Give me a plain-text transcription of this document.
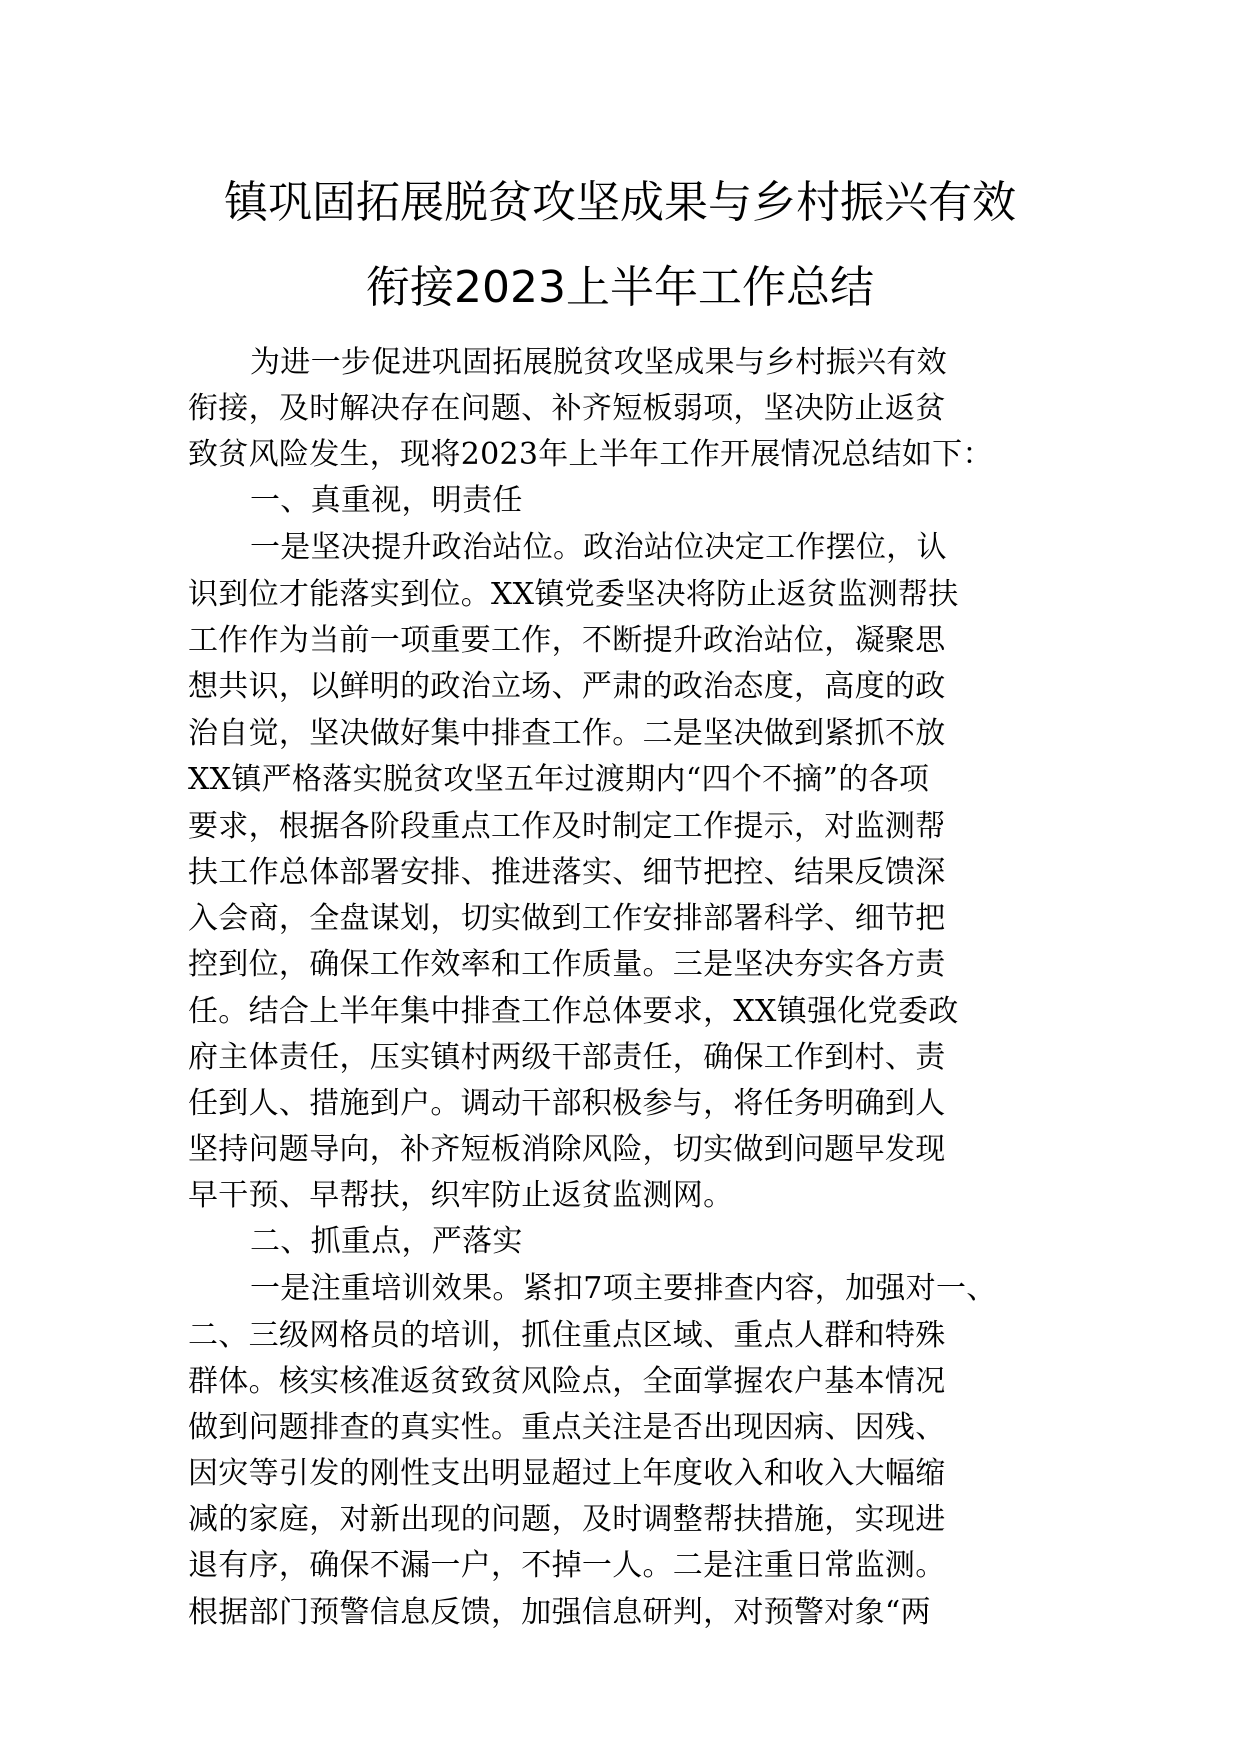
镇巩固拓展脱贫攻坚成果与乡村振兴有效
衔接2023上半年工作总结
为进一步促进巩固拓展脱贫攻坚成果与乡村振兴有效
衔接，及时解决存在问题、补齐短板弱项，坚决防止返贫
致贫风险发生，现将2023年上半年工作开展情况总结如下：
一、真重视，明责任
一是坚决提升政治站位。政治站位决定工作摆位，认
识到位才能落实到位。XX镇党委坚决将防止返贫监测帮扶
工作作为当前一项重要工作，不断提升政治站位，凝聚思
想共识，以鲜明的政治立场、严肃的政治态度，高度的政
治自觉，坚决做好集中排查工作。二是坚决做到紧抓不放
XX镇严格落实脱贫攻坚五年过渡期内“四个不摘”的各项
要求，根据各阶段重点工作及时制定工作提示，对监测帮
扶工作总体部署安排、推进落实、细节把控、结果反馈深
入会商，全盘谋划，切实做到工作安排部署科学、细节把
控到位，确保工作效率和工作质量。三是坚决夯实各方责
任。结合上半年集中排查工作总体要求，XX镇强化党委政
府主体责任，压实镇村两级干部责任，确保工作到村、责
任到人、措施到户。调动干部积极参与，将任务明确到人
坚持问题导向，补齐短板消除风险，切实做到问题早发现
早干预、早帮扶，织牢防止返贫监测网。
二、抓重点，严落实
一是注重培训效果。紧扣7项主要排查内容，加强对一、
二、三级网格员的培训，抓住重点区域、重点人群和特殊
群体。核实核准返贫致贫风险点，全面掌握农户基本情况
做到问题排查的真实性。重点关注是否出现因病、因残、
因灾等引发的刚性支出明显超过上年度收入和收入大幅缩
减的家庭，对新出现的问题，及时调整帮扶措施，实现进
退有序，确保不漏一户，不掉一人。二是注重日常监测。
根据部门预警信息反馈，加强信息研判，对预警对象“两
